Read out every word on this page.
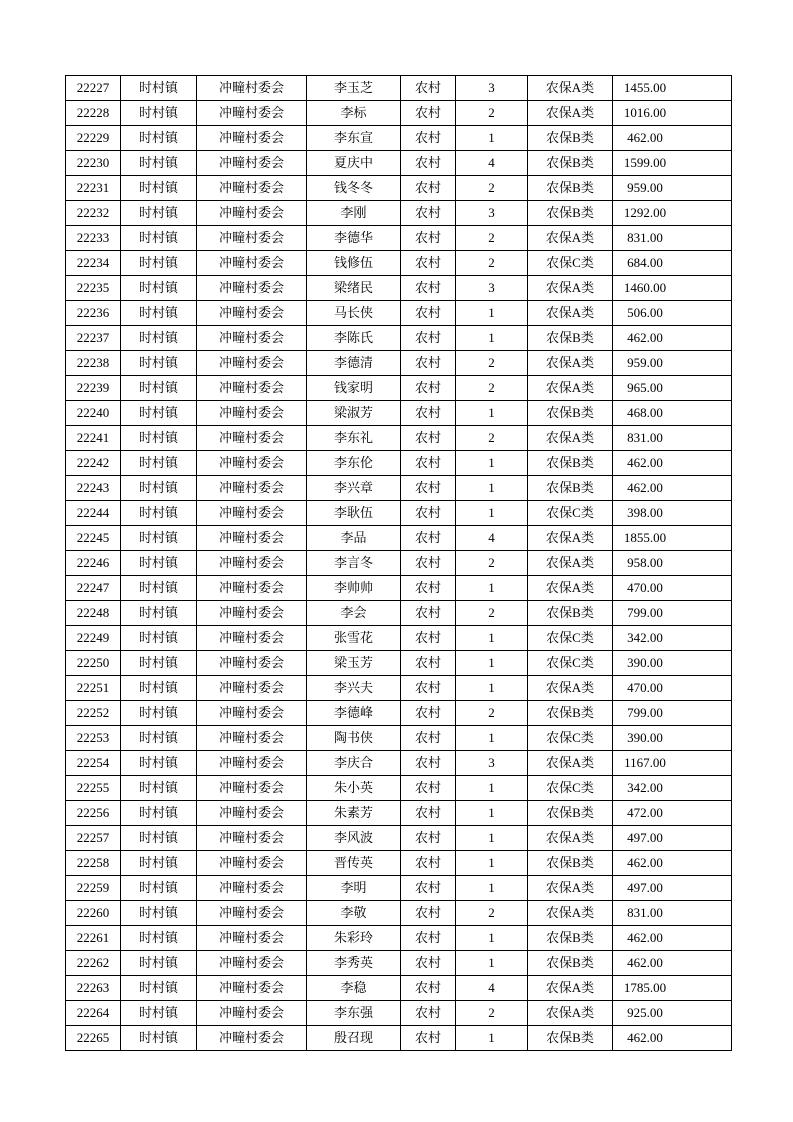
22227	时村镇	冲疃村委会	李玉芝	农村	3	农保A类	1455.00
22228	时村镇	冲疃村委会	李标	农村	2	农保A类	1016.00
22229	时村镇	冲疃村委会	李东宣	农村	1	农保B类	462.00
22230	时村镇	冲疃村委会	夏庆中	农村	4	农保B类	1599.00
22231	时村镇	冲疃村委会	钱冬冬	农村	2	农保B类	959.00
22232	时村镇	冲疃村委会	李刚	农村	3	农保B类	1292.00
22233	时村镇	冲疃村委会	李德华	农村	2	农保A类	831.00
22234	时村镇	冲疃村委会	钱修伍	农村	2	农保C类	684.00
22235	时村镇	冲疃村委会	梁绪民	农村	3	农保A类	1460.00
22236	时村镇	冲疃村委会	马长侠	农村	1	农保A类	506.00
22237	时村镇	冲疃村委会	李陈氏	农村	1	农保B类	462.00
22238	时村镇	冲疃村委会	李德清	农村	2	农保A类	959.00
22239	时村镇	冲疃村委会	钱家明	农村	2	农保A类	965.00
22240	时村镇	冲疃村委会	梁淑芳	农村	1	农保B类	468.00
22241	时村镇	冲疃村委会	李东礼	农村	2	农保A类	831.00
22242	时村镇	冲疃村委会	李东伦	农村	1	农保B类	462.00
22243	时村镇	冲疃村委会	李兴章	农村	1	农保B类	462.00
22244	时村镇	冲疃村委会	李耿伍	农村	1	农保C类	398.00
22245	时村镇	冲疃村委会	李品	农村	4	农保A类	1855.00
22246	时村镇	冲疃村委会	李言冬	农村	2	农保A类	958.00
22247	时村镇	冲疃村委会	李帅帅	农村	1	农保A类	470.00
22248	时村镇	冲疃村委会	李会	农村	2	农保B类	799.00
22249	时村镇	冲疃村委会	张雪花	农村	1	农保C类	342.00
22250	时村镇	冲疃村委会	梁玉芳	农村	1	农保C类	390.00
22251	时村镇	冲疃村委会	李兴夫	农村	1	农保A类	470.00
22252	时村镇	冲疃村委会	李德峰	农村	2	农保B类	799.00
22253	时村镇	冲疃村委会	陶书侠	农村	1	农保C类	390.00
22254	时村镇	冲疃村委会	李庆合	农村	3	农保A类	1167.00
22255	时村镇	冲疃村委会	朱小英	农村	1	农保C类	342.00
22256	时村镇	冲疃村委会	朱素芳	农村	1	农保B类	472.00
22257	时村镇	冲疃村委会	李风波	农村	1	农保A类	497.00
22258	时村镇	冲疃村委会	晋传英	农村	1	农保B类	462.00
22259	时村镇	冲疃村委会	李明	农村	1	农保A类	497.00
22260	时村镇	冲疃村委会	李敬	农村	2	农保A类	831.00
22261	时村镇	冲疃村委会	朱彩玲	农村	1	农保B类	462.00
22262	时村镇	冲疃村委会	李秀英	农村	1	农保B类	462.00
22263	时村镇	冲疃村委会	李稳	农村	4	农保A类	1785.00
22264	时村镇	冲疃村委会	李东强	农村	2	农保A类	925.00
22265	时村镇	冲疃村委会	殷召现	农村	1	农保B类	462.00
